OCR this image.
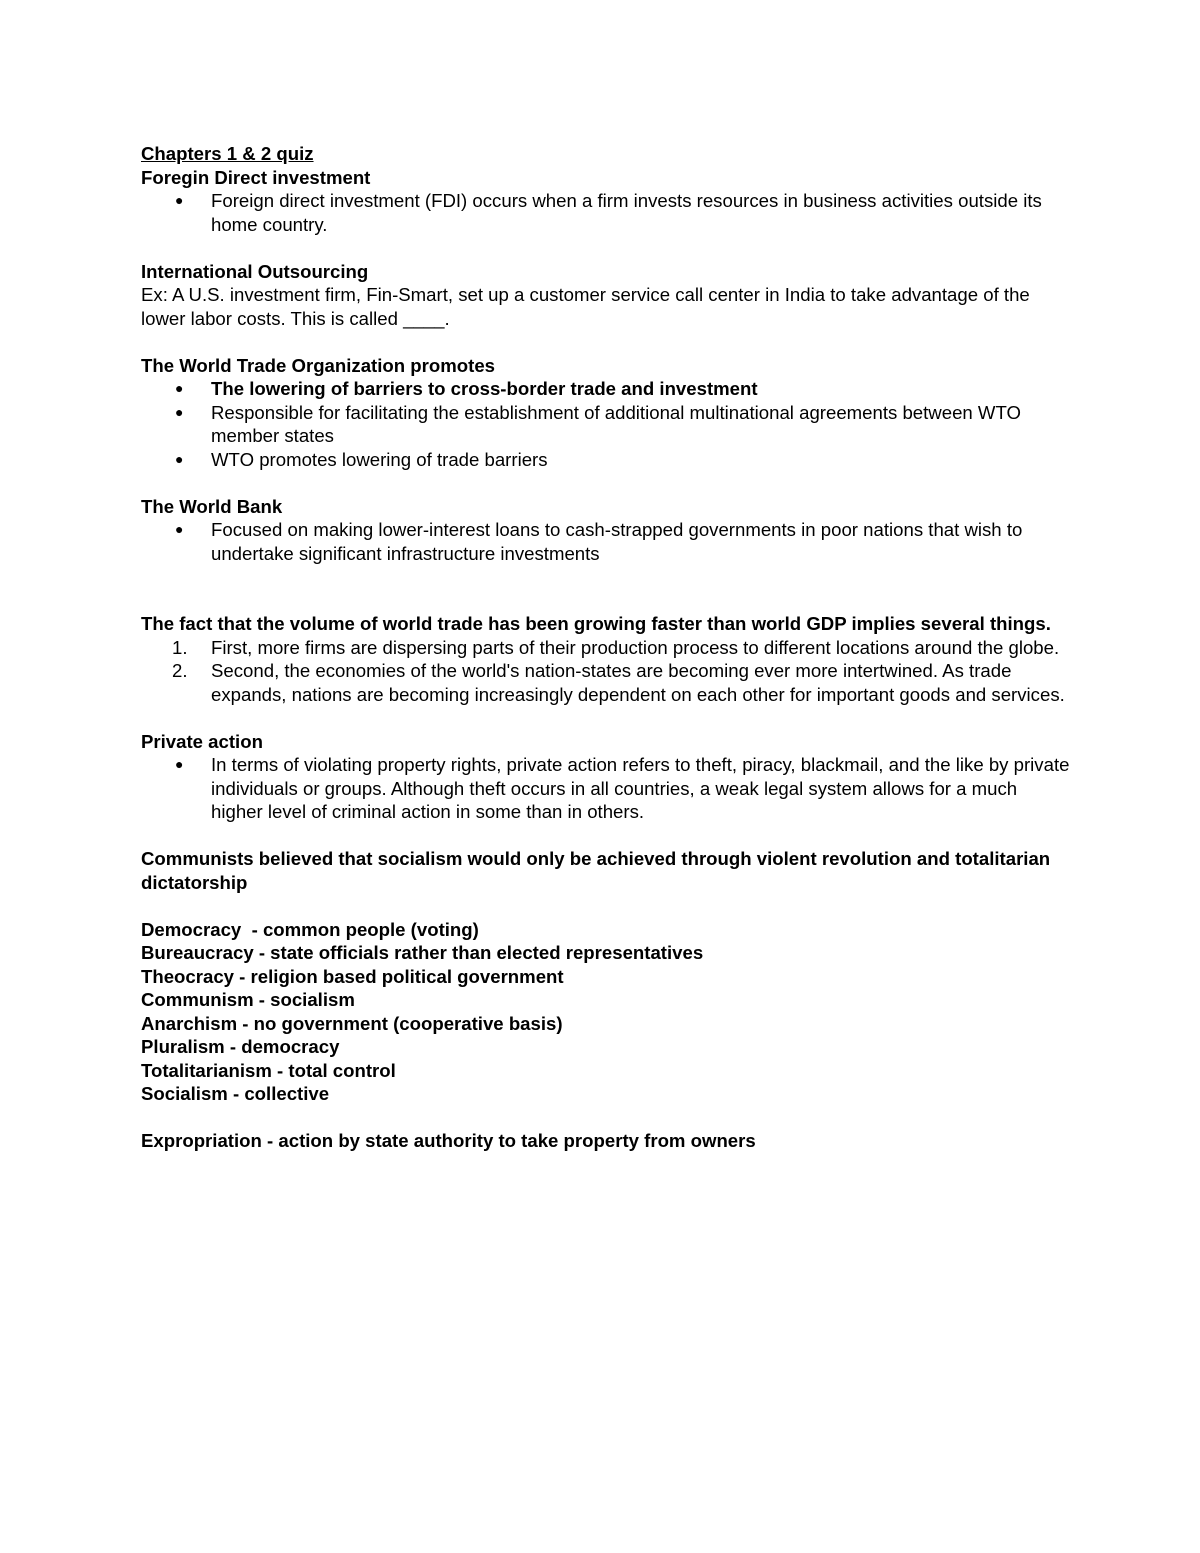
Chapters 1 & 2 quiz

Foregin Direct investment

●	Foreign direct investment (FDI) occurs when a firm invests resources in business activities outside its home country.

International Outsourcing

Ex: A U.S. investment firm, Fin-Smart, set up a customer service call center in India to take advantage of the lower labor costs. This is called ____.

The World Trade Organization promotes

●	The lowering of barriers to cross-border trade and investment
●	Responsible for facilitating the establishment of additional multinational agreements between WTO member states
●	WTO promotes lowering of trade barriers

The World Bank

●	Focused on making lower-interest loans to cash-strapped governments in poor nations that wish to undertake significant infrastructure investments

The fact that the volume of world trade has been growing faster than world GDP implies several things.

1.	First, more firms are dispersing parts of their production process to different locations around the globe.
2.	Second, the economies of the world's nation-states are becoming ever more intertwined. As trade expands, nations are becoming increasingly dependent on each other for important goods and services.

Private action

●	In terms of violating property rights, private action refers to theft, piracy, blackmail, and the like by private individuals or groups. Although theft occurs in all countries, a weak legal system allows for a much higher level of criminal action in some than in others.

Communists believed that socialism would only be achieved through violent revolution and totalitarian dictatorship

Democracy  - common people (voting)

Bureaucracy - state officials rather than elected representatives

Theocracy - religion based political government

Communism - socialism

Anarchism - no government (cooperative basis)

Pluralism - democracy

Totalitarianism - total control

Socialism - collective

Expropriation - action by state authority to take property from owners
